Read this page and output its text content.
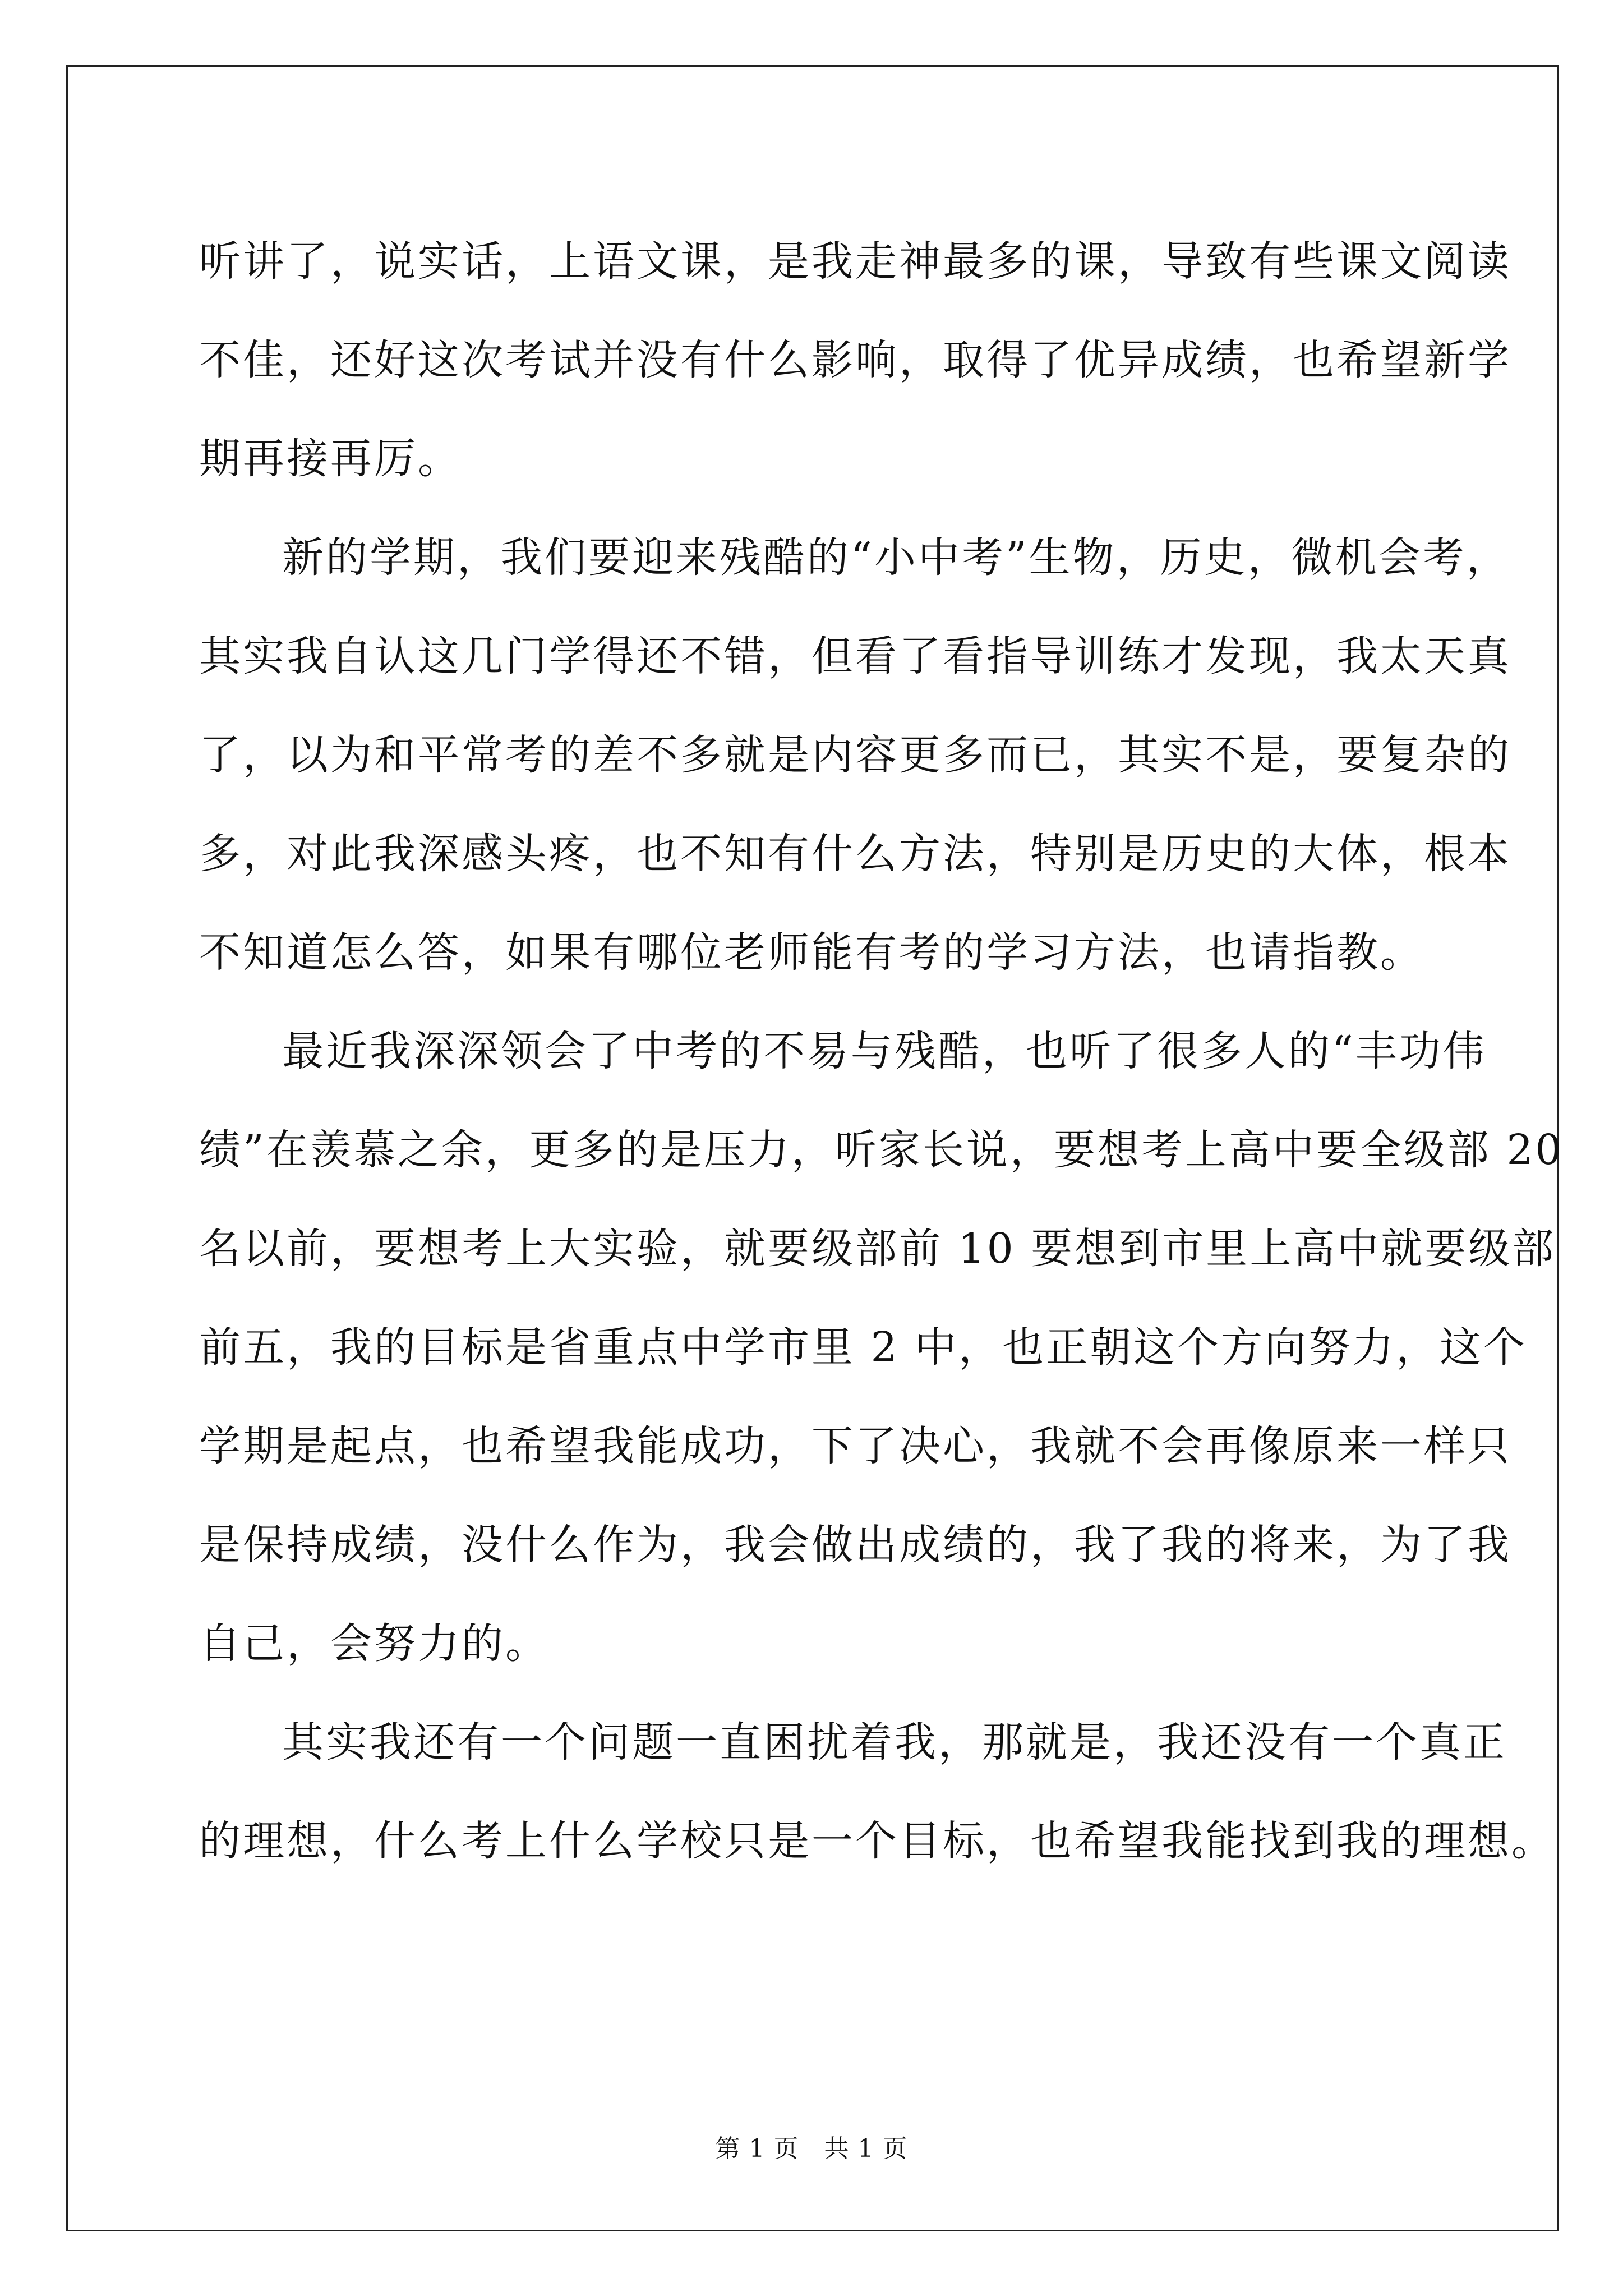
听讲了，说实话，上语文课，是我走神最多的课，导致有些课文阅读
不佳，还好这次考试并没有什么影响，取得了优异成绩，也希望新学
期再接再厉。
新的学期，我们要迎来残酷的“小中考”生物，历史，微机会考，
其实我自认这几门学得还不错，但看了看指导训练才发现，我太天真
了，以为和平常考的差不多就是内容更多而已，其实不是，要复杂的
多，对此我深感头疼，也不知有什么方法，特别是历史的大体，根本
不知道怎么答，如果有哪位老师能有考的学习方法，也请指教。
最近我深深领会了中考的不易与残酷，也听了很多人的“丰功伟
绩”在羡慕之余，更多的是压力，听家长说，要想考上高中要全级部 20
名以前，要想考上大实验，就要级部前 10 要想到市里上高中就要级部
前五，我的目标是省重点中学市里 2 中，也正朝这个方向努力，这个
学期是起点，也希望我能成功，下了决心，我就不会再像原来一样只
是保持成绩，没什么作为，我会做出成绩的，我了我的将来，为了我
自己，会努力的。
其实我还有一个问题一直困扰着我，那就是，我还没有一个真正
的理想，什么考上什么学校只是一个目标，也希望我能找到我的理想。
第 1 页   共 1 页
